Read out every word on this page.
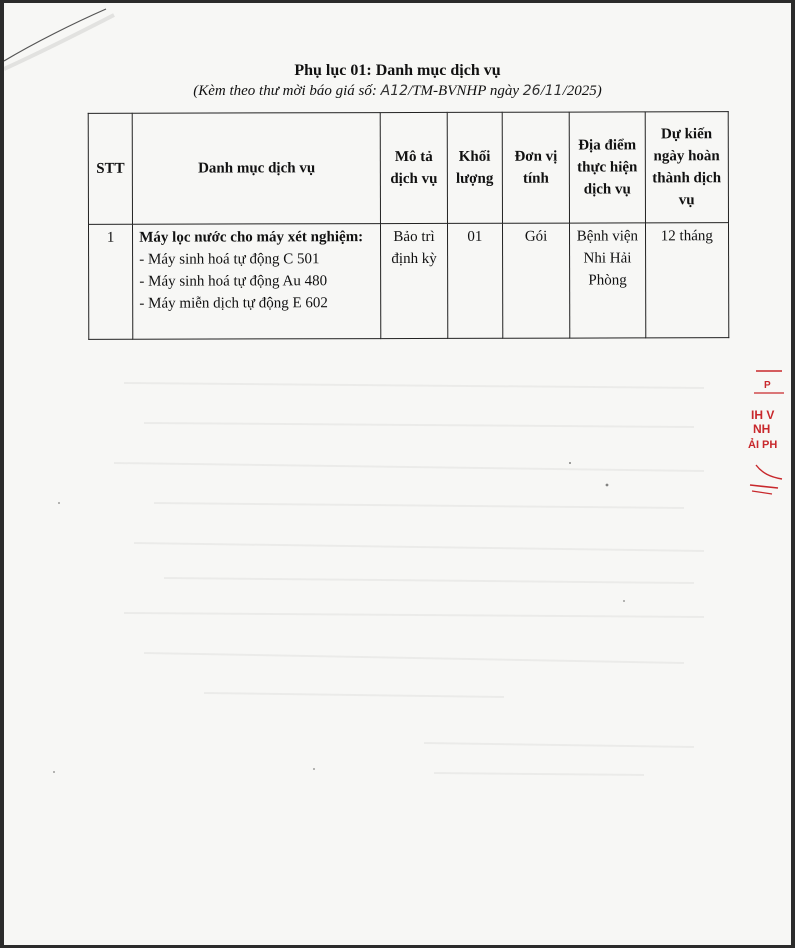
Phụ lục 01: Danh mục dịch vụ
(Kèm theo thư mời báo giá số: A12/TM-BVNHP ngày 26/11/2025)
STT	Danh mục dịch vụ	Mô tả dịch vụ	Khối lượng	Đơn vị tính	Địa điểm thực hiện dịch vụ	Dự kiến ngày hoàn thành dịch vụ
1	Máy lọc nước cho máy xét nghiệm:
- Máy sinh hoá tự động C 501
- Máy sinh hoá tự động Au 480
- Máy miễn dịch tự động E 602	Bảo trì định kỳ	01	Gói	Bệnh viện Nhi Hải Phòng	12 tháng
P
IH V
NH
ẢI PH
